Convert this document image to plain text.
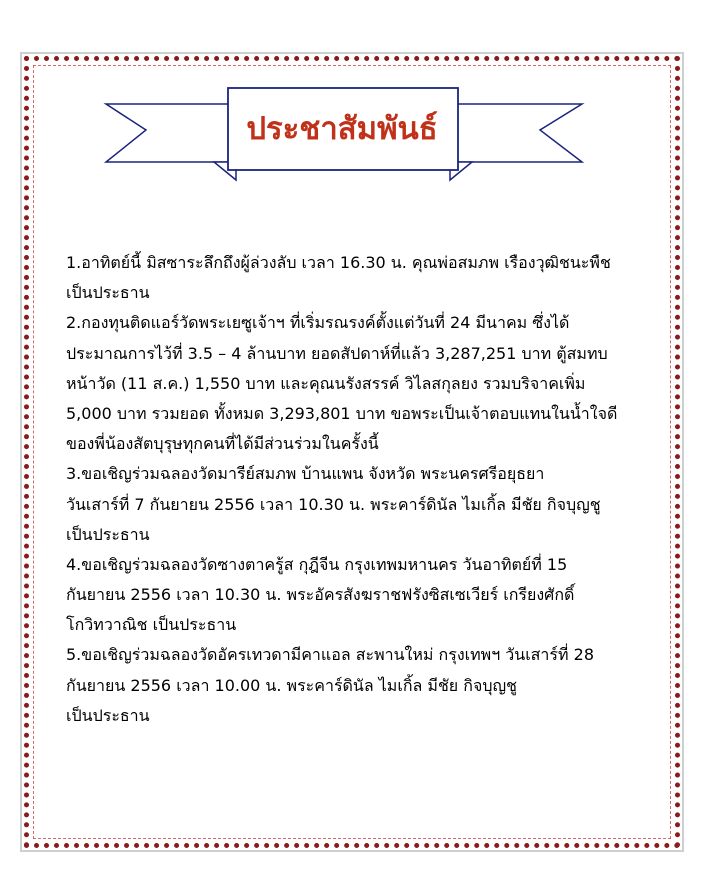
ประชาสัมพันธ์
1.อาทิตย์นี้ มิสซาระลึกถึงผู้ล่วงลับ เวลา 16.30 น. คุณพ่อสมภพ เรืองวุฒิชนะพืช
เป็นประธาน
2.กองทุนติดแอร์วัดพระเยซูเจ้าฯ ที่เริ่มรณรงค์ตั้งแต่วันที่ 24 มีนาคม ซึ่งได้
ประมาณการไว้ที่ 3.5 – 4 ล้านบาท ยอดสัปดาห์ที่แล้ว 3,287,251 บาท ตู้สมทบ
หน้าวัด (11 ส.ค.) 1,550 บาท และคุณนรังสรรค์ วิไลสกุลยง รวมบริจาคเพิ่ม
5,000 บาท รวมยอด ทั้งหมด 3,293,801 บาท ขอพระเป็นเจ้าตอบแทนในน้ำใจดี
ของพี่น้องสัตบุรุษทุกคนที่ได้มีส่วนร่วมในครั้งนี้
3.ขอเชิญร่วมฉลองวัดมารีย์สมภพ บ้านแพน จังหวัด พระนครศรีอยุธยา
วันเสาร์ที่ 7 กันยายน 2556 เวลา 10.30 น. พระคาร์ดินัล ไมเกิ้ล มีชัย กิจบุญชู
เป็นประธาน
4.ขอเชิญร่วมฉลองวัดซางตาครู้ส กุฎีจีน กรุงเทพมหานคร วันอาทิตย์ที่ 15
กันยายน 2556 เวลา 10.30 น. พระอัครสังฆราชฟรังซิสเซเวียร์ เกรียงศักดิ์
โกวิทวาณิช เป็นประธาน
5.ขอเชิญร่วมฉลองวัดอัครเทวดามีคาแอล สะพานใหม่ กรุงเทพฯ วันเสาร์ที่ 28
กันยายน 2556 เวลา 10.00 น. พระคาร์ดินัล ไมเกิ้ล มีชัย กิจบุญชู
เป็นประธาน
